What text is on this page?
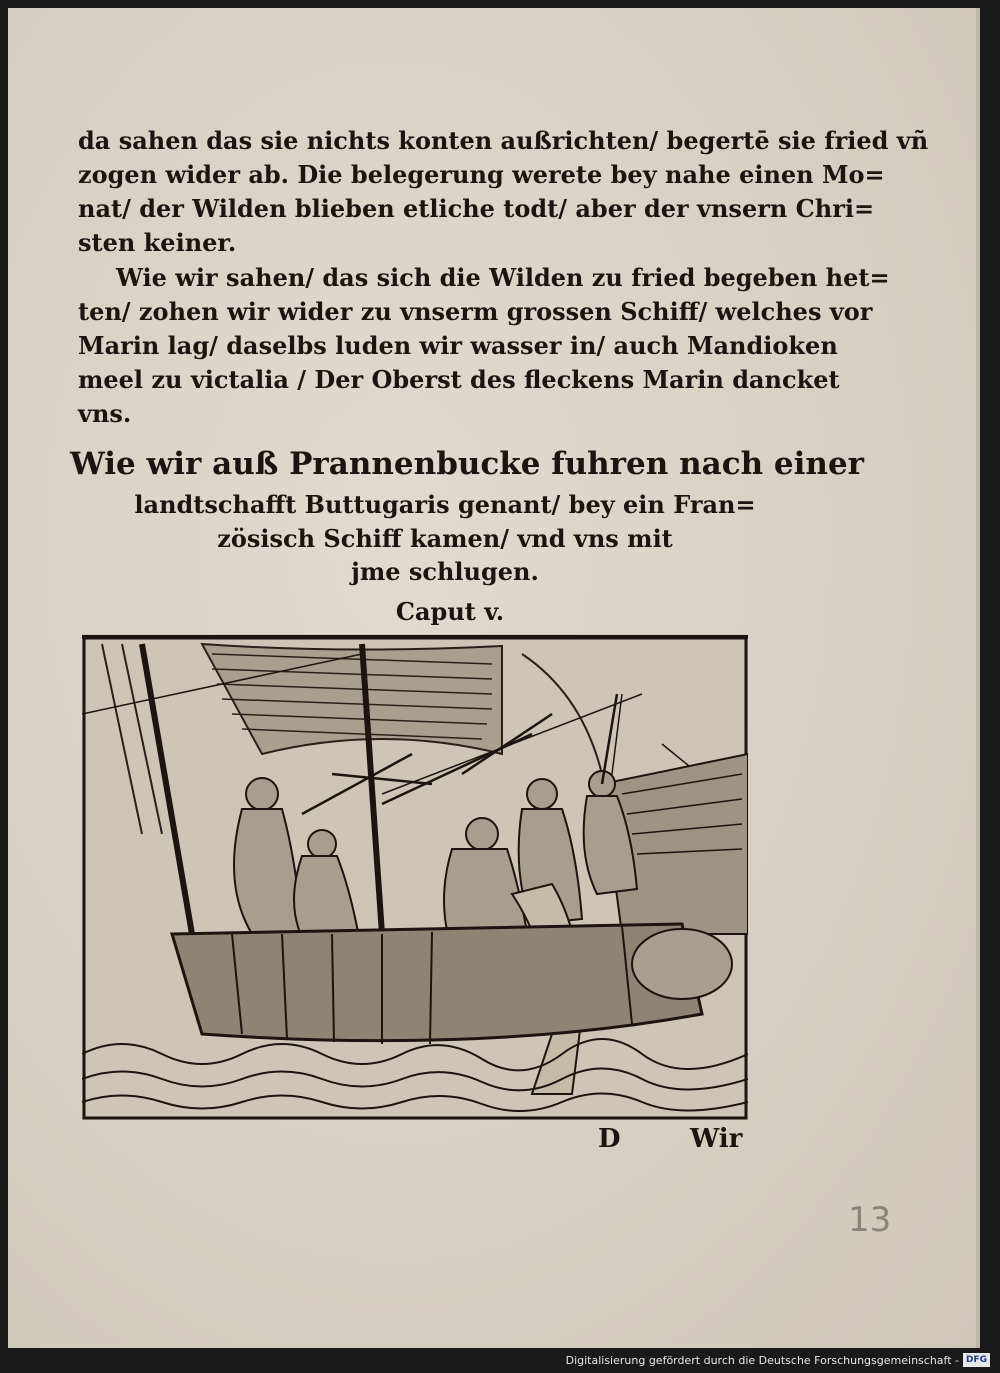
da sahen das sie nichts konten außrichten/ begertē sie fried vñ
zogen wider ab. Die belegerung werete bey nahe einen Mo=
nat/ der Wilden blieben etliche todt/ aber der vnsern Chri=
sten keiner.
Wie wir sahen/ das sich die Wilden zu fried begeben het=
ten/ zohen wir wider zu vnserm grossen Schiff/ welches vor
Marin lag/ daselbs luden wir wasser in/ auch Mandioken
meel zu victalia / Der Oberst des fleckens Marin dancket
vns.
Wie wir auß Prannenbucke fuhren nach einer
landtschafft Buttugaris genant/ bey ein Fran=
zösisch Schiff kamen/ vnd vns mit
jme schlugen.
Caput v.
D	Wir
13
Digitalisierung gefördert durch die Deutsche Forschungsgemeinschaft - DFG
